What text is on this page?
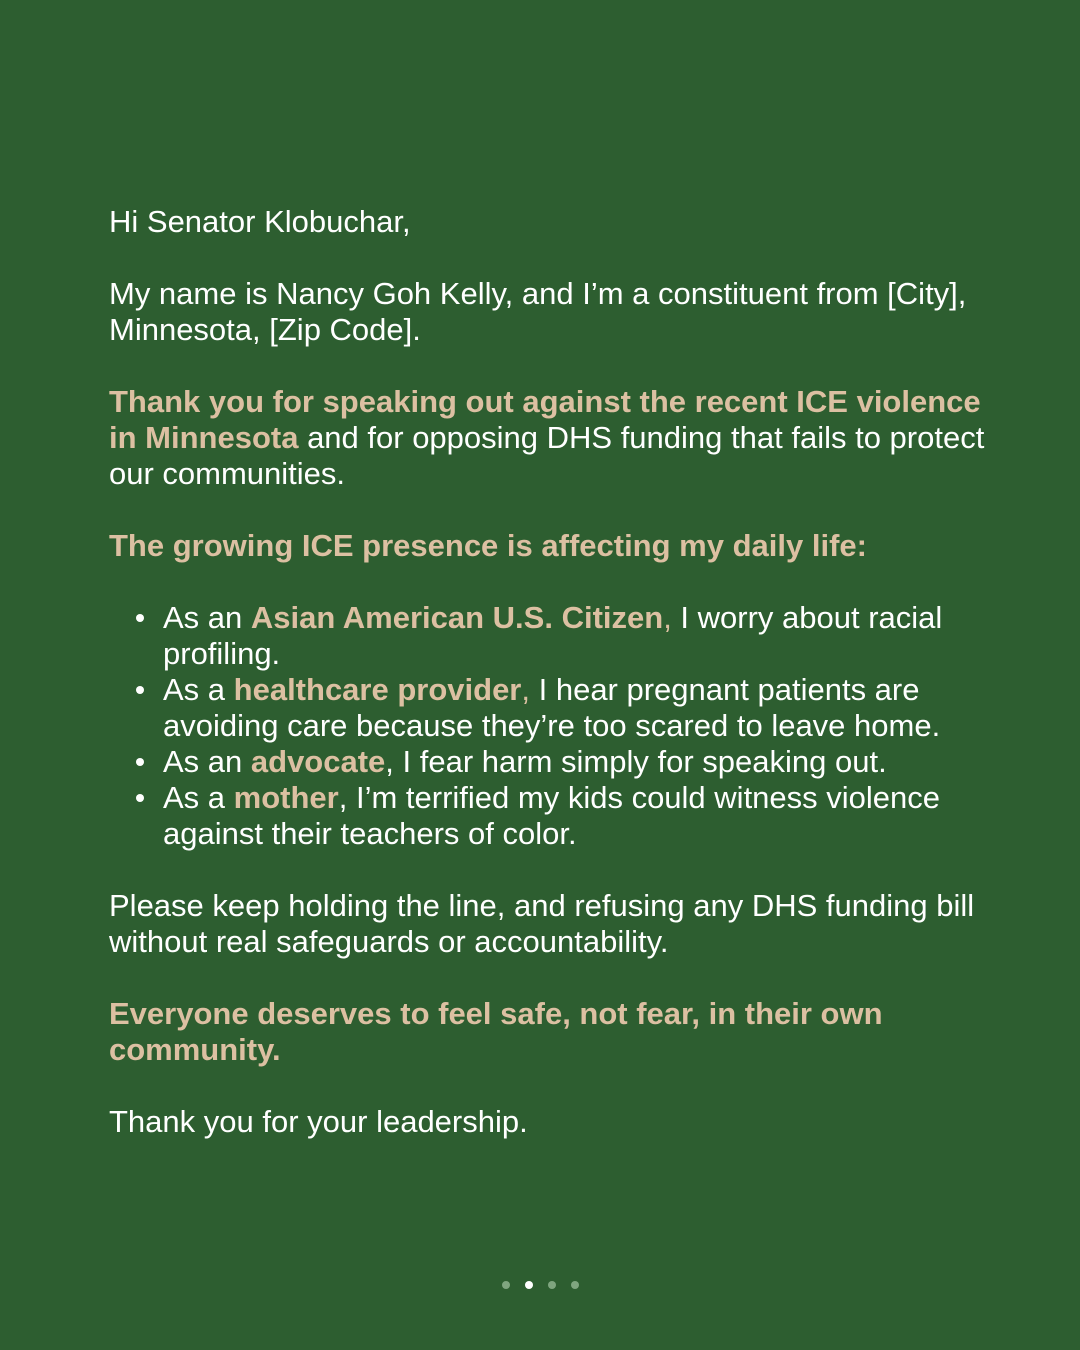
Hi Senator Klobuchar,

My name is Nancy Goh Kelly, and I’m a constituent from [City], Minnesota, [Zip Code].

Thank you for speaking out against the recent ICE violence in Minnesota and for opposing DHS funding that fails to protect our communities.

The growing ICE presence is affecting my daily life:

As an Asian American U.S. Citizen, I worry about racial profiling.
As a healthcare provider, I hear pregnant patients are avoiding care because they’re too scared to leave home.
As an advocate, I fear harm simply for speaking out.
As a mother, I’m terrified my kids could witness violence against their teachers of color.

Please keep holding the line, and refusing any DHS funding bill without real safeguards or accountability.

Everyone deserves to feel safe, not fear, in their own community.

Thank you for your leadership.
